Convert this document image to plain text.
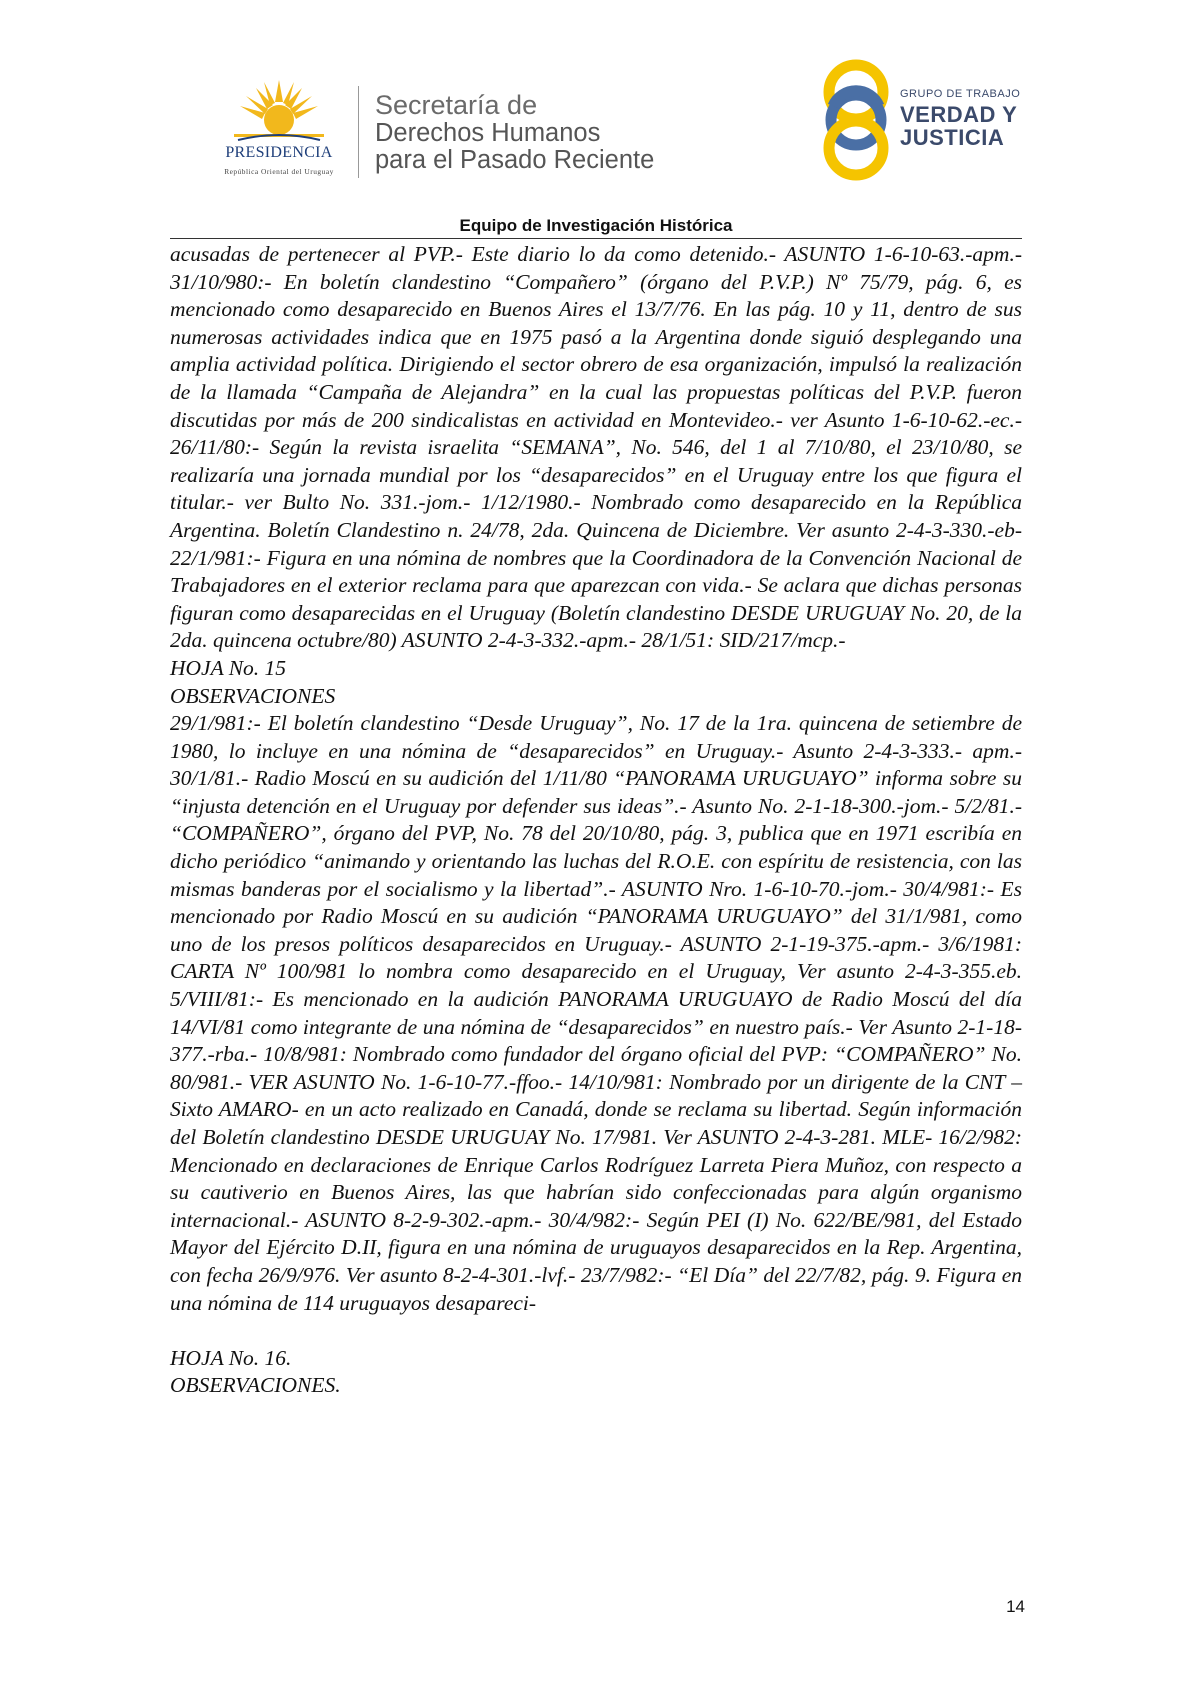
PRESIDENCIA
República Oriental del Uruguay
Secretaría de
Derechos Humanos
para el Pasado Reciente
GRUPO DE TRABAJO
VERDAD Y
JUSTICIA
Equipo de Investigación Histórica

acusadas de pertenecer al PVP.- Este diario lo da como detenido.- ASUNTO 1-6-10-63.-apm.- 31/10/980:- En boletín clandestino “Compañero” (órgano del P.V.P.) Nº 75/79, pág. 6, es mencionado como desaparecido en Buenos Aires el 13/7/76. En las pág. 10 y 11, dentro de sus numerosas actividades indica que en 1975 pasó a la Argentina donde siguió desplegando una amplia actividad política. Dirigiendo el sector obrero de esa organización, impulsó la realización de la llamada “Campaña de Alejandra” en la cual las propuestas políticas del P.V.P. fueron discutidas por más de 200 sindicalistas en actividad en Montevideo.- ver Asunto 1-6-10-62.-ec.- 26/11/80:- Según la revista israelita “SEMANA”, No. 546, del 1 al 7/10/80, el 23/10/80, se realizaría una jornada mundial por los “desaparecidos” en el Uruguay entre los que figura el titular.- ver Bulto No. 331.-jom.- 1/12/1980.- Nombrado como desaparecido en la República Argentina. Boletín Clandestino n. 24/78, 2da. Quincena de Diciembre. Ver asunto 2-4-3-330.-eb- 22/1/981:- Figura en una nómina de nombres que la Coordinadora de la Convención Nacional de Trabajadores en el exterior reclama para que aparezcan con vida.- Se aclara que dichas personas figuran como desaparecidas en el Uruguay (Boletín clandestino DESDE URUGUAY No. 20, de la 2da. quincena octubre/80) ASUNTO 2-4-3-332.-apm.- 28/1/51: SID/217/mcp.-

HOJA No. 15

OBSERVACIONES

29/1/981:- El boletín clandestino “Desde Uruguay”, No. 17 de la 1ra. quincena de setiembre de 1980, lo incluye en una nómina de “desaparecidos” en Uruguay.- Asunto 2-4-3-333.- apm.- 30/1/81.- Radio Moscú en su audición del 1/11/80 “PANORAMA URUGUAYO” informa sobre su “injusta detención en el Uruguay por defender sus ideas”.- Asunto No. 2-1-18-300.-jom.- 5/2/81.- “COMPAÑERO”, órgano del PVP, No. 78 del 20/10/80, pág. 3, publica que en 1971 escribía en dicho periódico “animando y orientando las luchas del R.O.E. con espíritu de resistencia, con las mismas banderas por el socialismo y la libertad”.- ASUNTO Nro. 1-6-10-70.-jom.- 30/4/981:- Es mencionado por Radio Moscú en su audición “PANORAMA URUGUAYO” del 31/1/981, como uno de los presos políticos desaparecidos en Uruguay.- ASUNTO 2-1-19-375.-apm.- 3/6/1981: CARTA Nº 100/981 lo nombra como desaparecido en el Uruguay, Ver asunto 2-4-3-355.eb. 5/VIII/81:- Es mencionado en la audición PANORAMA URUGUAYO de Radio Moscú del día 14/VI/81 como integrante de una nómina de “desaparecidos” en nuestro país.- Ver Asunto 2-1-18-377.-rba.- 10/8/981: Nombrado como fundador del órgano oficial del PVP: “COMPAÑERO” No. 80/981.- VER ASUNTO No. 1-6-10-77.-ffoo.- 14/10/981: Nombrado por un dirigente de la CNT – Sixto AMARO- en un acto realizado en Canadá, donde se reclama su libertad. Según información del Boletín clandestino DESDE URUGUAY No. 17/981. Ver ASUNTO 2-4-3-281. MLE- 16/2/982: Mencionado en declaraciones de Enrique Carlos Rodríguez Larreta Piera Muñoz, con respecto a su cautiverio en Buenos Aires, las que habrían sido confeccionadas para algún organismo internacional.- ASUNTO 8-2-9-302.-apm.- 30/4/982:- Según PEI (I) No. 622/BE/981, del Estado Mayor del Ejército D.II, figura en una nómina de uruguayos desaparecidos en la Rep. Argentina, con fecha 26/9/976. Ver asunto 8-2-4-301.-lvf.- 23/7/982:- “El Día” del 22/7/82, pág. 9. Figura en una nómina de 114 uruguayos desapareci-

HOJA No. 16.

OBSERVACIONES.

14
